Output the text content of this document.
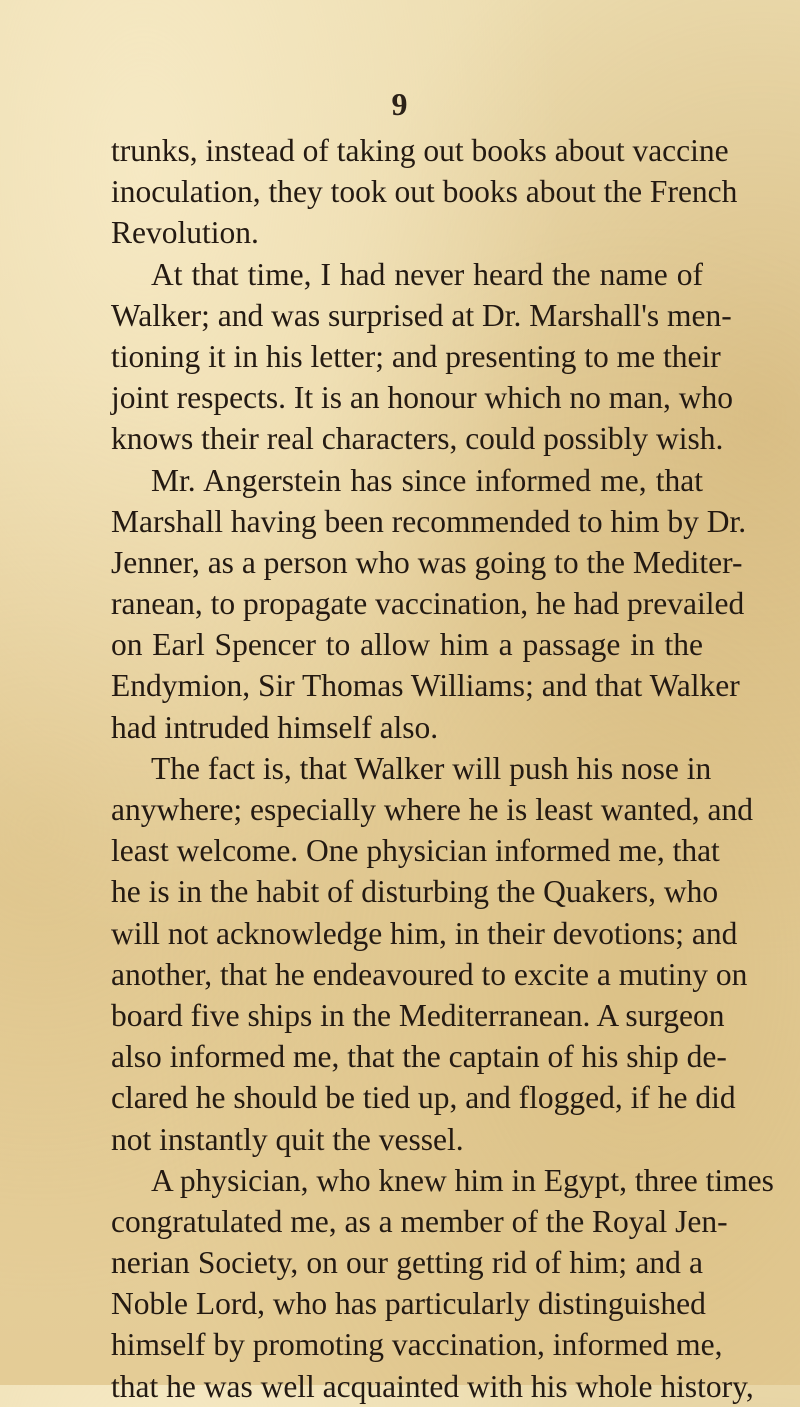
9
trunks, instead of taking out books about vaccine
inoculation, they took out books about the French
Revolution.
At that time, I had never heard the name of
Walker; and was surprised at Dr. Marshall's men-
tioning it in his letter; and presenting to me their
joint respects. It is an honour which no man, who
knows their real characters, could possibly wish.
Mr. Angerstein has since informed me, that
Marshall having been recommended to him by Dr.
Jenner, as a person who was going to the Mediter-
ranean, to propagate vaccination, he had prevailed
on Earl Spencer to allow him a passage in the
Endymion, Sir Thomas Williams; and that Walker
had intruded himself also.
The fact is, that Walker will push his nose in
anywhere; especially where he is least wanted, and
least welcome. One physician informed me, that
he is in the habit of disturbing the Quakers, who
will not acknowledge him, in their devotions; and
another, that he endeavoured to excite a mutiny on
board five ships in the Mediterranean. A surgeon
also informed me, that the captain of his ship de-
clared he should be tied up, and flogged, if he did
not instantly quit the vessel.
A physician, who knew him in Egypt, three times
congratulated me, as a member of the Royal Jen-
nerian Society, on our getting rid of him; and a
Noble Lord, who has particularly distinguished
himself by promoting vaccination, informed me,
that he was well acquainted with his whole history,
